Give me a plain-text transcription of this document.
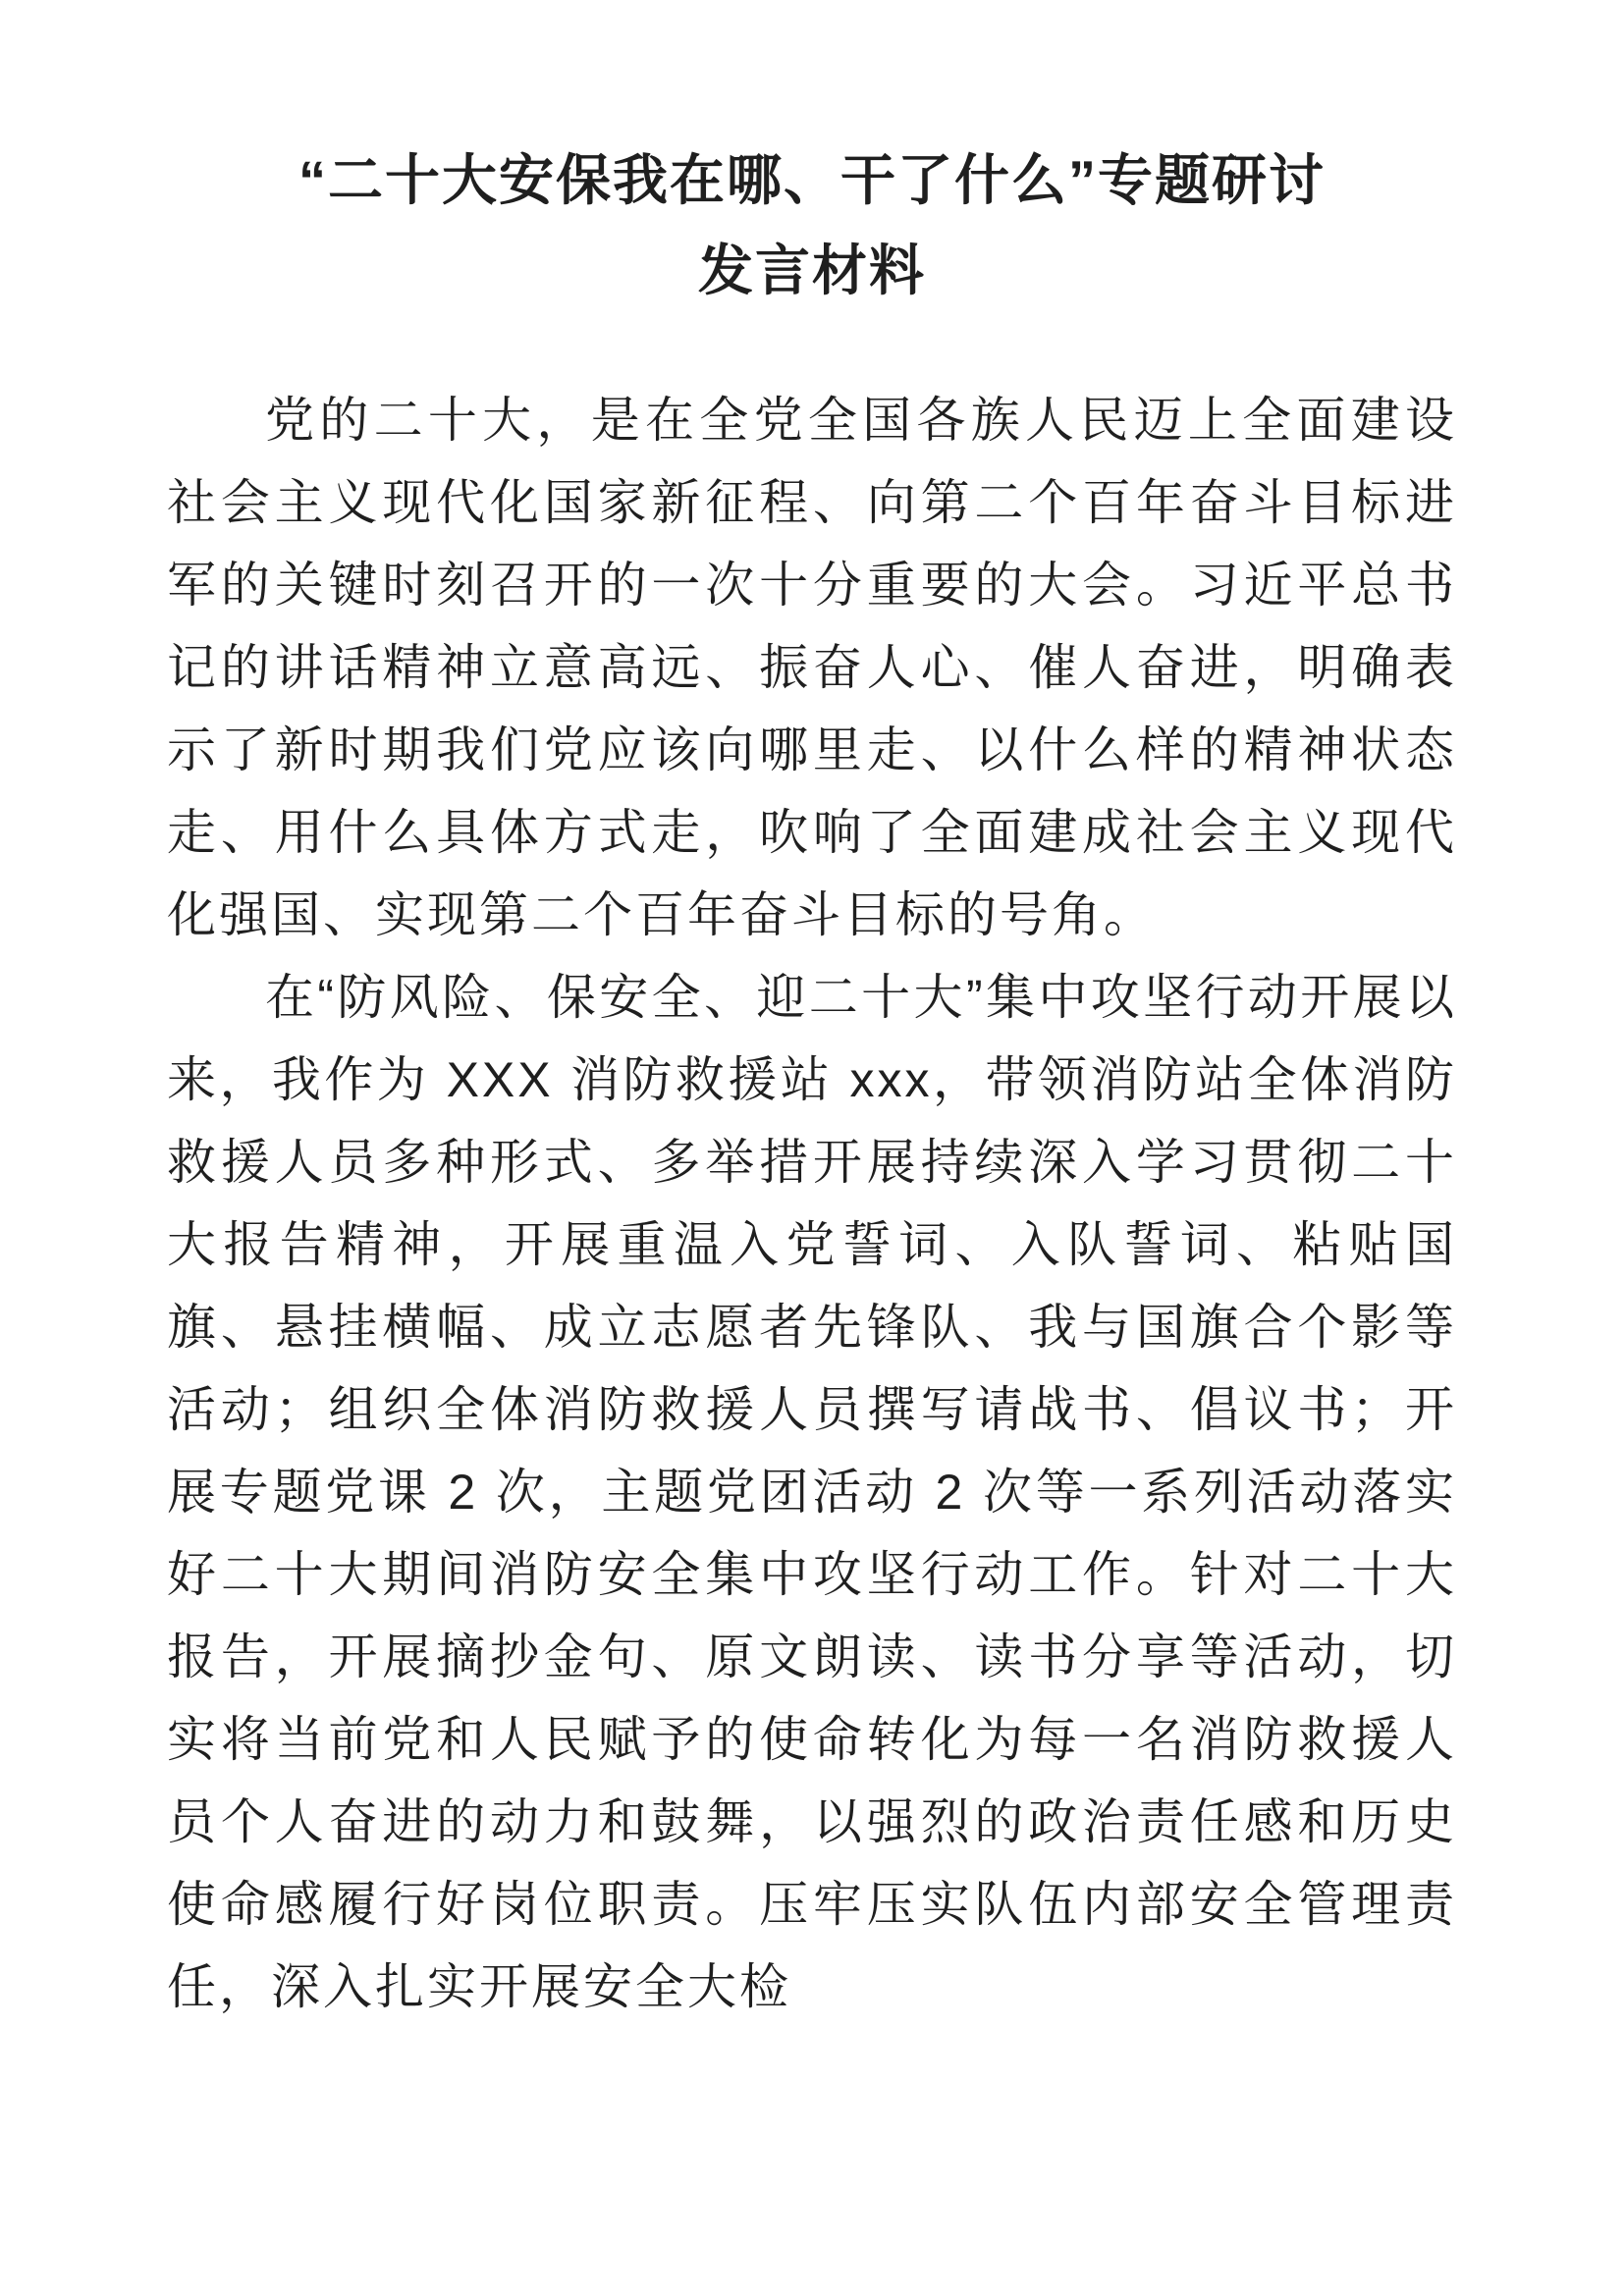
“二十大安保我在哪、干了什么”专题研讨
发言材料

党的二十大，是在全党全国各族人民迈上全面建设社会主义现代化国家新征程、向第二个百年奋斗目标进军的关键时刻召开的一次十分重要的大会。习近平总书记的讲话精神立意高远、振奋人心、催人奋进，明确表示了新时期我们党应该向哪里走、以什么样的精神状态走、用什么具体方式走，吹响了全面建成社会主义现代化强国、实现第二个百年奋斗目标的号角。

在“防风险、保安全、迎二十大”集中攻坚行动开展以来，我作为 XXX 消防救援站 xxx，带领消防站全体消防救援人员多种形式、多举措开展持续深入学习贯彻二十大报告精神，开展重温入党誓词、入队誓词、粘贴国旗、悬挂横幅、成立志愿者先锋队、我与国旗合个影等活动；组织全体消防救援人员撰写请战书、倡议书；开展专题党课 2 次，主题党团活动 2 次等一系列活动落实好二十大期间消防安全集中攻坚行动工作。针对二十大报告，开展摘抄金句、原文朗读、读书分享等活动，切实将当前党和人民赋予的使命转化为每一名消防救援人员个人奋进的动力和鼓舞，以强烈的政治责任感和历史使命感履行好岗位职责。压牢压实队伍内部安全管理责任，深入扎实开展安全大检
